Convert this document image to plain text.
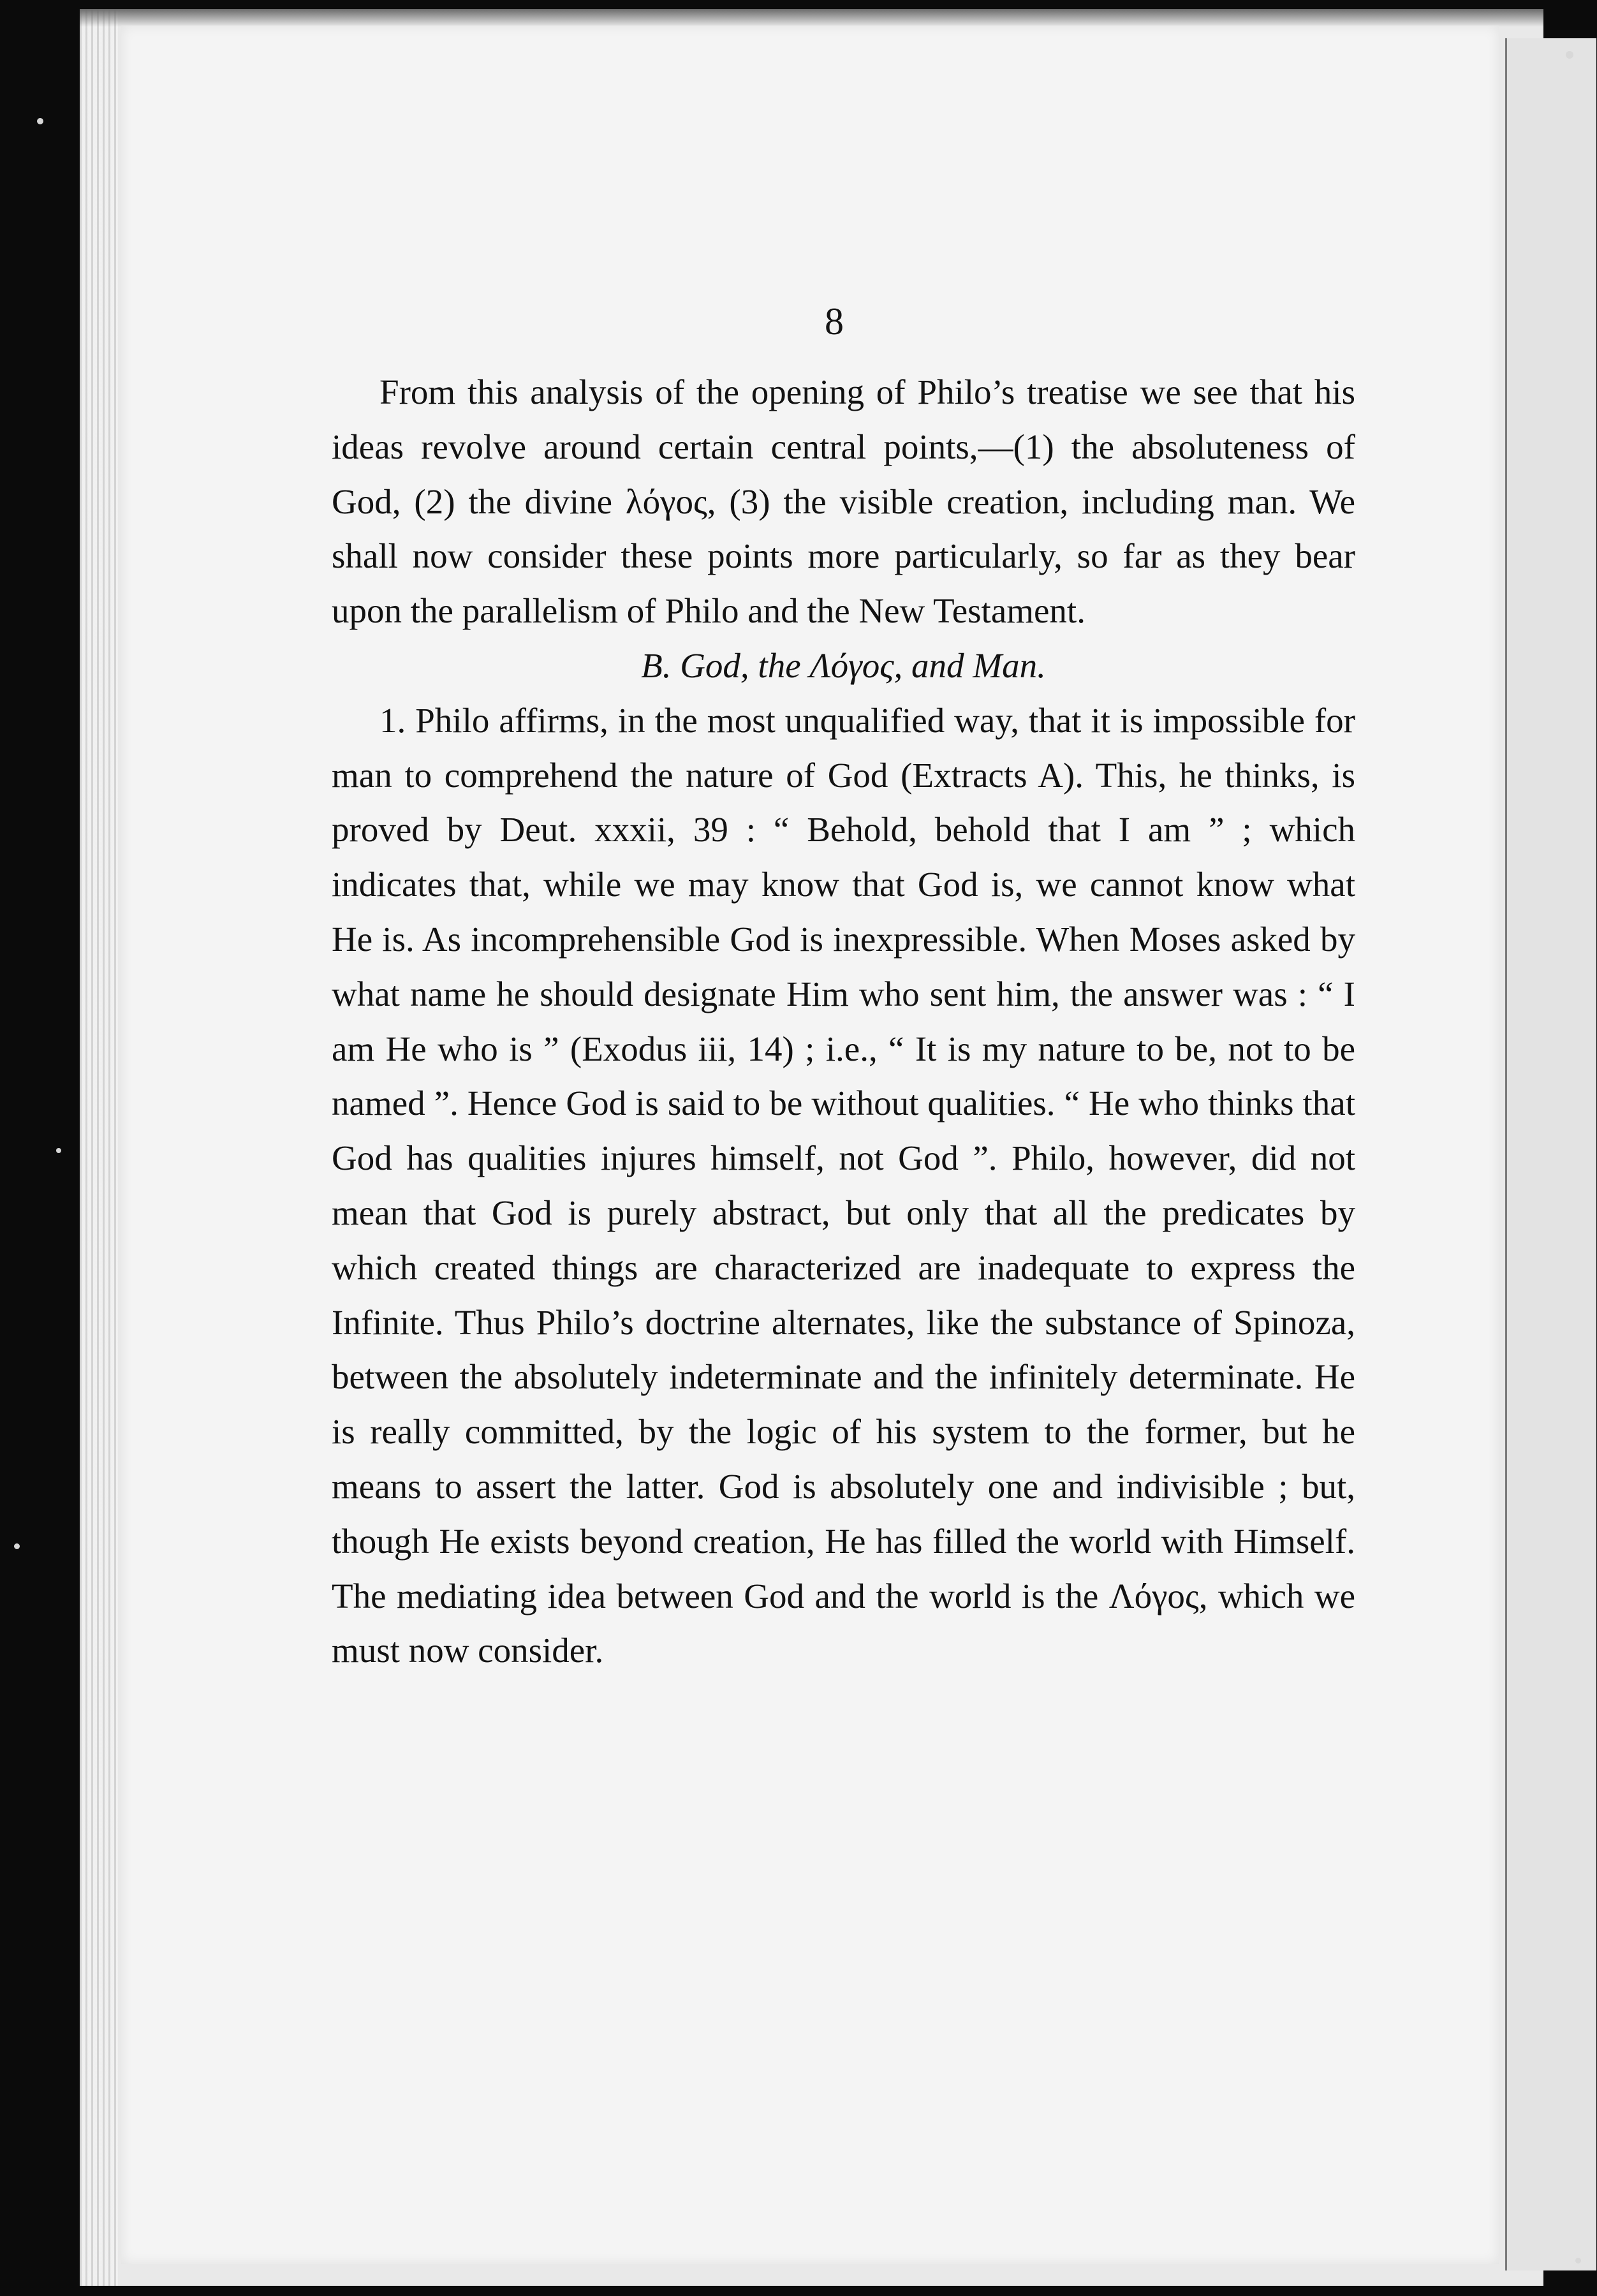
8

From this analysis of the opening of Philo’s treatise we see that his ideas revolve around certain central points,—(1) the absoluteness of God, (2) the divine λόγος, (3) the visible creation, including man. We shall now consider these points more particularly, so far as they bear upon the parallelism of Philo and the New Testament.

B. God, the Λόγος, and Man.

1. Philo affirms, in the most unqualified way, that it is impossible for man to comprehend the nature of God (Extracts A). This, he thinks, is proved by Deut. xxxii, 39 : “ Behold, behold that I am ” ; which indicates that, while we may know that God is, we cannot know what He is. As incomprehensible God is inexpressible. When Moses asked by what name he should designate Him who sent him, the answer was : “ I am He who is ” (Exodus iii, 14) ; i.e., “ It is my nature to be, not to be named ”. Hence God is said to be without qualities. “ He who thinks that God has qualities injures himself, not God ”. Philo, however, did not mean that God is purely abstract, but only that all the predicates by which created things are characterized are inadequate to express the Infinite. Thus Philo’s doctrine alternates, like the substance of Spinoza, between the absolutely indeterminate and the infinitely determinate. He is really committed, by the logic of his system to the former, but he means to assert the latter. God is absolutely one and indivisible ; but, though He exists beyond creation, He has filled the world with Himself. The mediating idea between God and the world is the Λόγος, which we must now consider.
